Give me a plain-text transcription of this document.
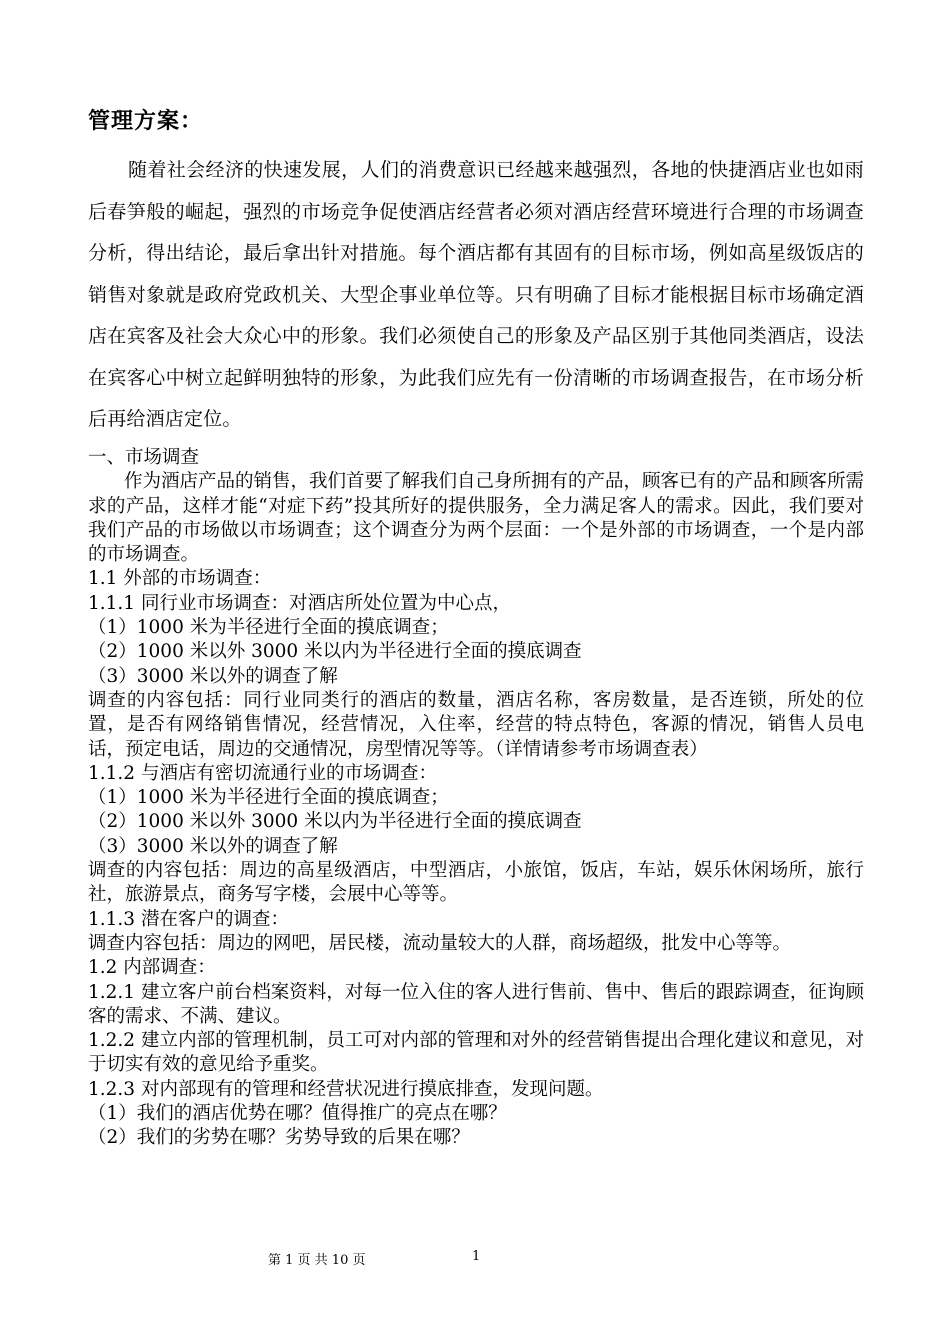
管理方案：
随着社会经济的快速发展，人们的消费意识已经越来越强烈，各地的快捷酒店业也如雨后春笋般的崛起，强烈的市场竞争促使酒店经营者必须对酒店经营环境进行合理的市场调查分析，得出结论，最后拿出针对措施。每个酒店都有其固有的目标市场，例如高星级饭店的销售对象就是政府党政机关、大型企事业单位等。只有明确了目标才能根据目标市场确定酒店在宾客及社会大众心中的形象。我们必须使自己的形象及产品区别于其他同类酒店，设法在宾客心中树立起鲜明独特的形象，为此我们应先有一份清晰的市场调查报告，在市场分析后再给酒店定位。
一、市场调查
作为酒店产品的销售，我们首要了解我们自己身所拥有的产品，顾客已有的产品和顾客所需求的产品，这样才能“对症下药”投其所好的提供服务，全力满足客人的需求。因此，我们要对我们产品的市场做以市场调查；这个调查分为两个层面：一个是外部的市场调查，一个是内部的市场调查。
1.1 外部的市场调查：
1.1.1 同行业市场调查：对酒店所处位置为中心点，
（1）1000 米为半径进行全面的摸底调查；
（2）1000 米以外 3000 米以内为半径进行全面的摸底调查
（3）3000 米以外的调查了解
调查的内容包括：同行业同类行的酒店的数量，酒店名称，客房数量，是否连锁，所处的位置，是否有网络销售情况，经营情况，入住率，经营的特点特色，客源的情况，销售人员电话，预定电话，周边的交通情况，房型情况等等。（详情请参考市场调查表）
1.1.2 与酒店有密切流通行业的市场调查：
（1）1000 米为半径进行全面的摸底调查；
（2）1000 米以外 3000 米以内为半径进行全面的摸底调查
（3）3000 米以外的调查了解
调查的内容包括：周边的高星级酒店，中型酒店，小旅馆，饭店，车站，娱乐休闲场所，旅行社，旅游景点，商务写字楼，会展中心等等。
1.1.3 潜在客户的调查：
调查内容包括：周边的网吧，居民楼，流动量较大的人群，商场超级，批发中心等等。
1.2 内部调查：
1.2.1 建立客户前台档案资料，对每一位入住的客人进行售前、售中、售后的跟踪调查，征询顾客的需求、不满、建议。
1.2.2 建立内部的管理机制，员工可对内部的管理和对外的经营销售提出合理化建议和意见，对于切实有效的意见给予重奖。
1.2.3 对内部现有的管理和经营状况进行摸底排查，发现问题。
（1）我们的酒店优势在哪？值得推广的亮点在哪？
（2）我们的劣势在哪？劣势导致的后果在哪？
第 1 页 共 10 页	1
